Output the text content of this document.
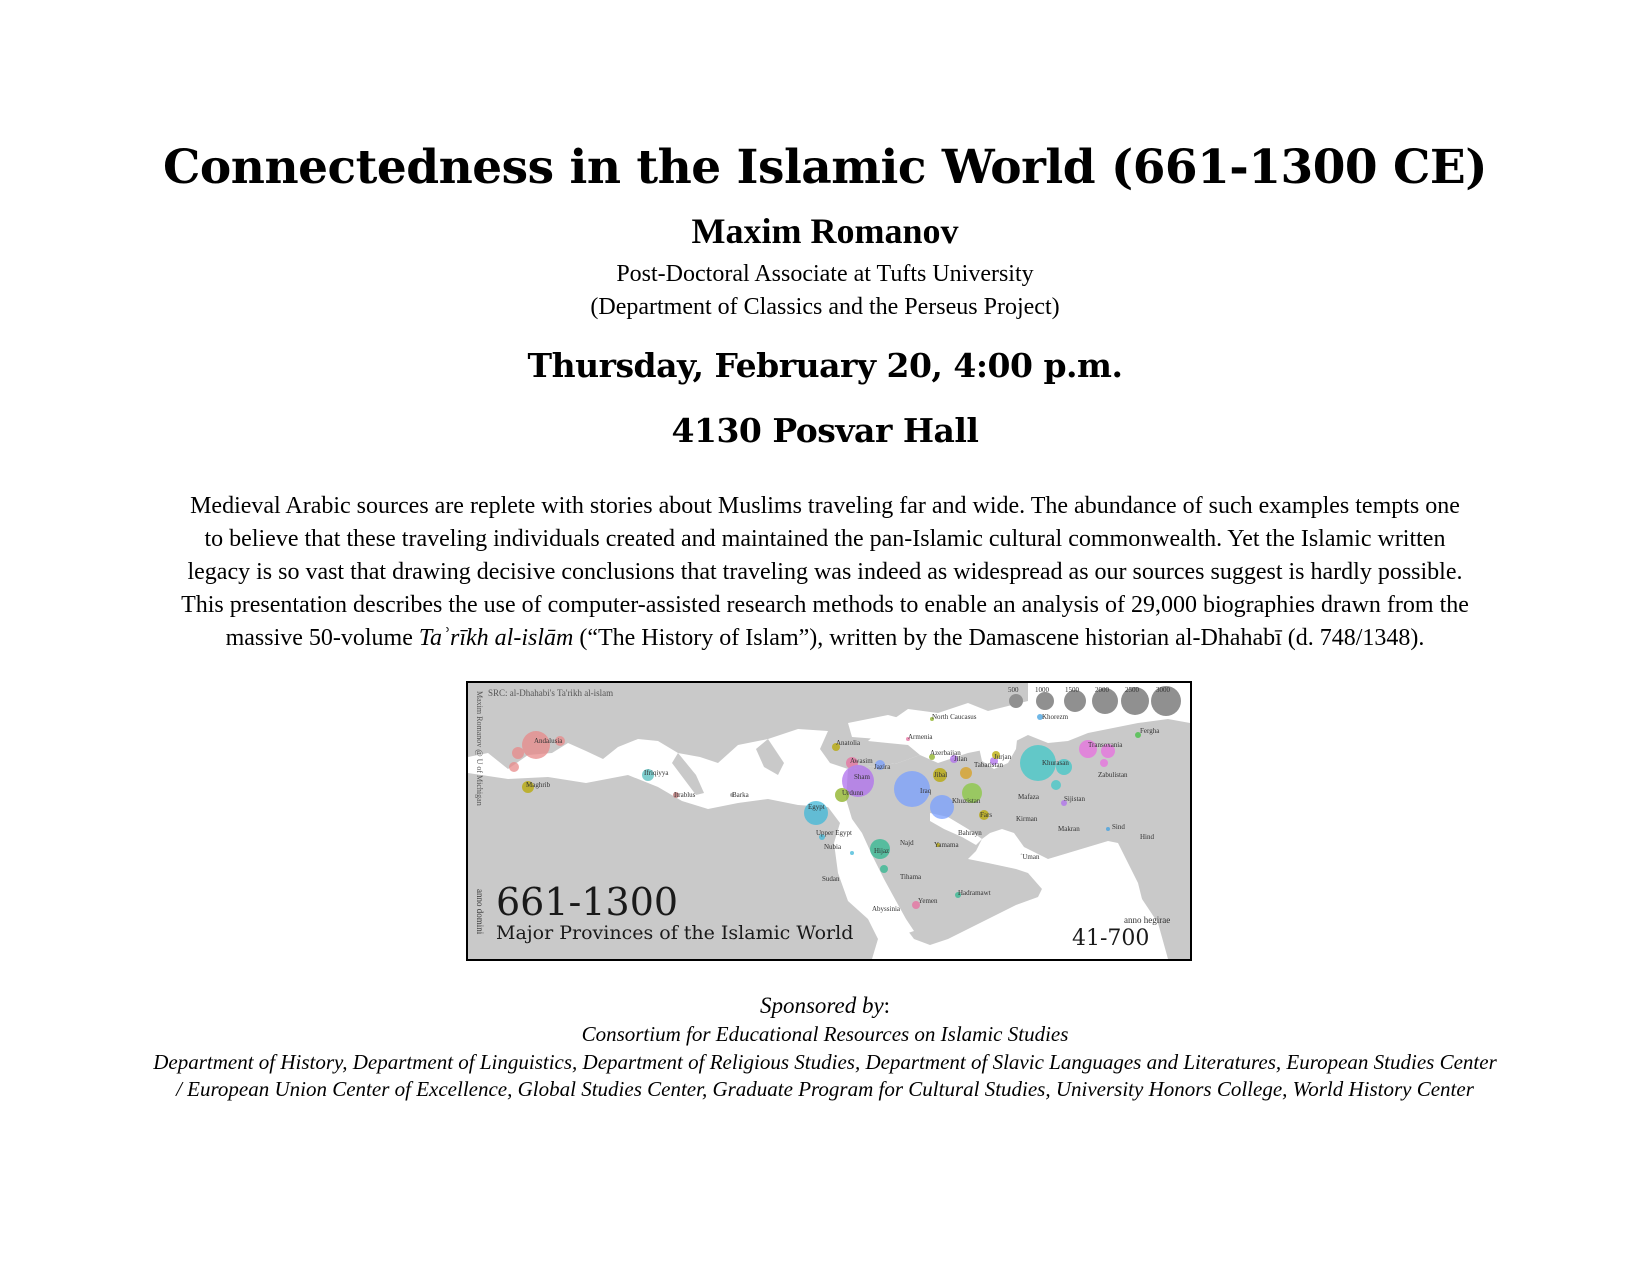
Connectedness in the Islamic World (661-1300 CE)
Maxim Romanov
Post-Doctoral Associate at Tufts University
(Department of Classics and the Perseus Project)
Thursday, February 20, 4:00 p.m.
4130 Posvar Hall
Medieval Arabic sources are replete with stories about Muslims traveling far and wide. The abundance of such examples tempts one
to believe that these traveling individuals created and maintained the pan-Islamic cultural commonwealth. Yet the Islamic written
legacy is so vast that drawing decisive conclusions that traveling was indeed as widespread as our sources suggest is hardly possible.
This presentation describes the use of computer-assisted research methods to enable an analysis of 29,000 biographies drawn from the
massive 50-volume Taʾrīkh al-islām (“The History of Islam”), written by the Damascene historian al-Dhahabī (d. 748/1348).
SRC: al-Dhahabi's Ta'rikh al-islam
Maxim Romanov @ U of Michigan
500 1000 1500 2000 2500 3000
Andalusia
Maghrib
Ifriqiyya
Itrablus	Barka
Anatolia
Awasim
Jazira
Sham
Urdunn
Egypt
Upper Egypt
Nubia	Hijaz
Najd	Yamama
Tihama
Sudan
Abyssinia
Yemen
Hadramawt
ʿUman
Bahrayn
Iraq
Khuzistan
Fars
Jibal
Jilan
Azerbaijan
Armenia
North Caucasus
Tabaristan
Jurjan
Khurasan
Khorezm
Transoxania
Fergha
Zabulistan
Sijistan
Mafaza
Kirman
Makran	Sind
Hind
anno domini 661-1300
Major Provinces of the Islamic World
anno hegirae
41-700
Sponsored by:
Consortium for Educational Resources on Islamic Studies
Department of History, Department of Linguistics, Department of Religious Studies, Department of Slavic Languages and Literatures, European Studies Center
/ European Union Center of Excellence, Global Studies Center, Graduate Program for Cultural Studies, University Honors College, World History Center
